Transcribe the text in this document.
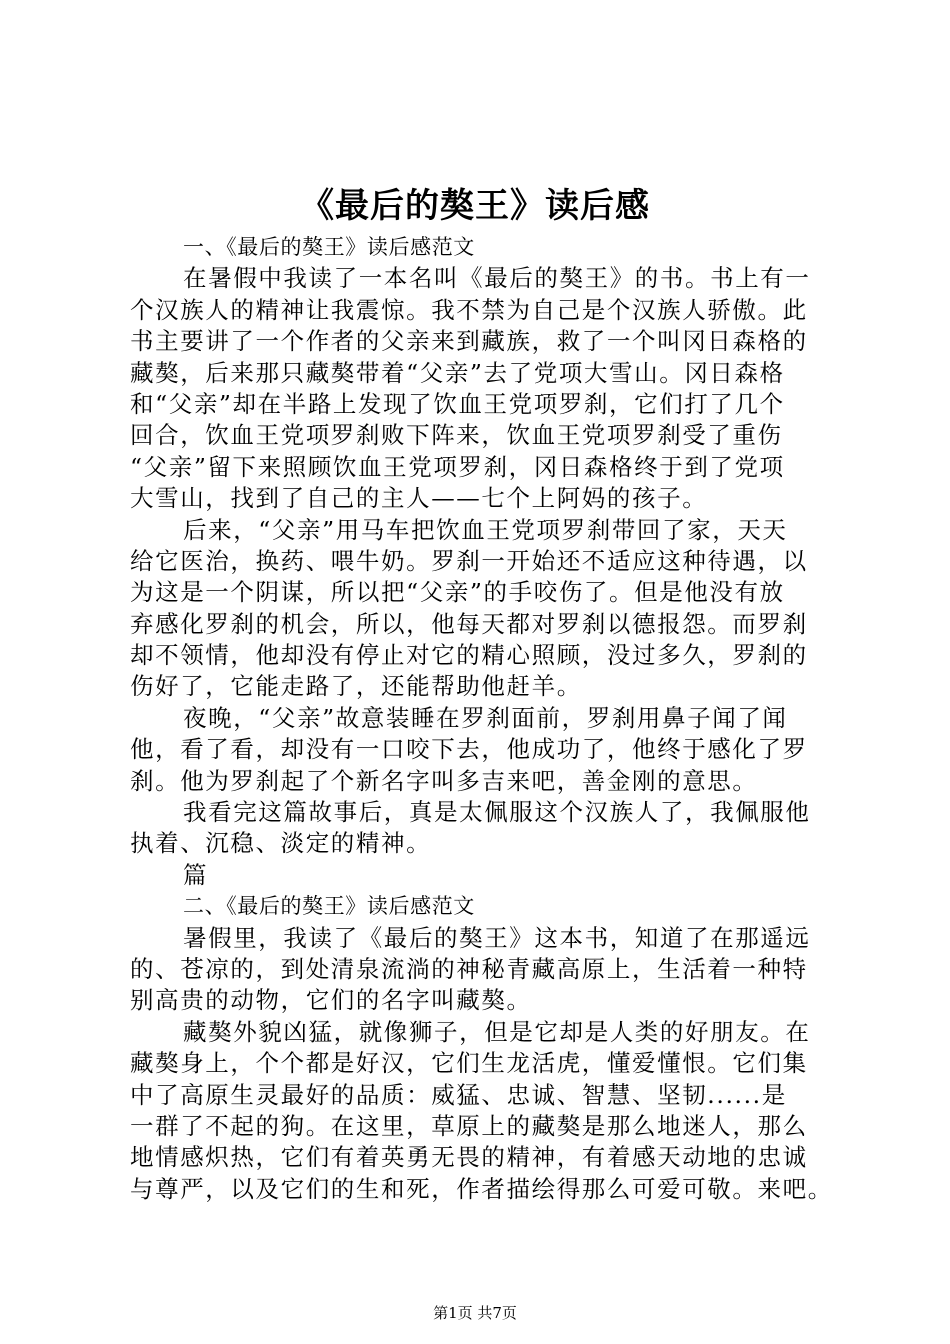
《最后的獒王》读后感
一、《最后的獒王》读后感范文
在暑假中我读了一本名叫《最后的獒王》的书。书上有一
个汉族人的精神让我震惊。我不禁为自己是个汉族人骄傲。此
书主要讲了一个作者的父亲来到藏族，救了一个叫冈日森格的
藏獒，后来那只藏獒带着“父亲”去了党项大雪山。冈日森格
和“父亲”却在半路上发现了饮血王党项罗刹，它们打了几个
回合，饮血王党项罗刹败下阵来，饮血王党项罗刹受了重伤
“父亲”留下来照顾饮血王党项罗刹，冈日森格终于到了党项
大雪山，找到了自己的主人——七个上阿妈的孩子。
后来，“父亲”用马车把饮血王党项罗刹带回了家，天天
给它医治，换药、喂牛奶。罗刹一开始还不适应这种待遇，以
为这是一个阴谋，所以把“父亲”的手咬伤了。但是他没有放
弃感化罗刹的机会，所以，他每天都对罗刹以德报怨。而罗刹
却不领情，他却没有停止对它的精心照顾，没过多久，罗刹的
伤好了，它能走路了，还能帮助他赶羊。
夜晚，“父亲”故意装睡在罗刹面前，罗刹用鼻子闻了闻
他，看了看，却没有一口咬下去，他成功了，他终于感化了罗
刹。他为罗刹起了个新名字叫多吉来吧，善金刚的意思。
我看完这篇故事后，真是太佩服这个汉族人了，我佩服他
执着、沉稳、淡定的精神。
篇
二、《最后的獒王》读后感范文
暑假里，我读了《最后的獒王》这本书，知道了在那遥远
的、苍凉的，到处清泉流淌的神秘青藏高原上，生活着一种特
别高贵的动物，它们的名字叫藏獒。
藏獒外貌凶猛，就像狮子，但是它却是人类的好朋友。在
藏獒身上，个个都是好汉，它们生龙活虎，懂爱懂恨。它们集
中了高原生灵最好的品质：威猛、忠诚、智慧、坚韧......是
一群了不起的狗。在这里，草原上的藏獒是那么地迷人，那么
地情感炽热，它们有着英勇无畏的精神，有着感天动地的忠诚
与尊严，以及它们的生和死，作者描绘得那么可爱可敬。来吧。
第1页 共7页
